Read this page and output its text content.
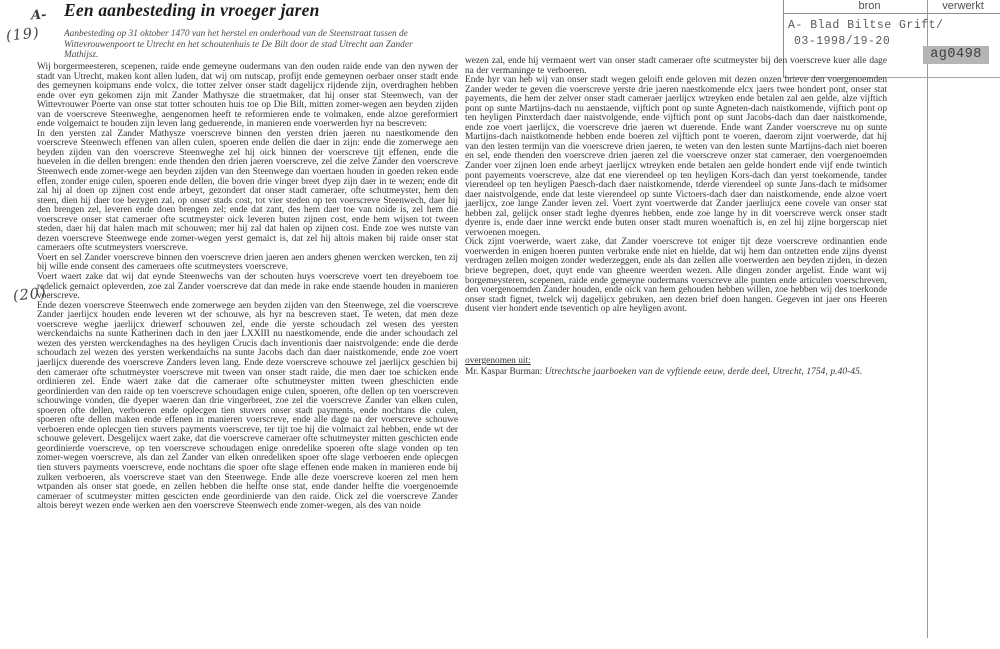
A-
(19)
(20)
Een aanbesteding in vroeger jaren
Aanbesteding op 31 oktober 1470 van het herstel en onderhoud van de Steenstraat tussen de Wittevrouwenpoort te Utrecht en het schoutenhuis te De Bilt door de stad Utrecht aan Zander Mathijsz.
bron	verwerkt
A- Blad Biltse Grift/
03-1998/19-20
ag0498

Wij borgermeesteren, scepenen, raide ende gemeyne oudermans van den ouden raide ende van den nywen der stadt van Utrecht, maken kont allen luden, dat wij om nutscap, profijt ende gemeynen oerbaer onser stadt ende des gemeynen koipmans ende volcx, die totter zelver onser stadt dagelijcx rijdende zijn, overdraghen hebben ende over eyn gekomen zijn mit Zander Mathysze die straetmaker, dat hij onser stat Steenwech, van der Wittevrouwer Poerte van onse stat totter schouten huis toe op Die Bilt, mitten zomer-wegen aen beyden zijden van de voerscreve Steenweghe, aengenomen heeft te reformieren ende te volmaken, ende alzoe gereformiert ende volgemaict te houden zijn leven lang geduerende, in manieren ende voerwerden hyr na bescreven:

In den yersten zal Zander Mathysze voerscreve binnen den yersten drien jaeren nu naestkomende den voerscreve Steenwech effenen van allen culen, spoeren ende dellen die daer in zijn: ende die zomerwege aen beyden zijden van den voerscreve Steenweghe zel hij oick binnen der voerscreve tijt effenen, ende die huevelen in die dellen brengen: ende thenden den drien jaeren voerscreve, zel die zelve Zander den voerscreve Steenwech ende zomer-wege aen beyden zijden van den Steenwege dan voertaen houden in goeden reken ende effen, zonder enige culen, spoeren ende dellen, die boven drie vinger breet dyep zijn daer in te wezen; ende dit zal hij al doen op zijnen cost ende arbeyt, gezondert dat onser stadt cameraer, ofte schutmeyster, hem den steen, dien hij daer toe bezygen zal, op onser stads cost, tot vier steden op ten voerscreve Steenwech, daer hij den brengen zel, leveren ende doen brengen zel; ende dat zant, des hem daer toe van noide is, zel hem die voerscreve onser stat cameraer ofte scutmeyster oick leveren buten zijnen cost, ende hem wijsen tot tween steden, daer hij dat halen mach mit schouwen; mer hij zal dat halen op zijnen cost. Ende zoe wes nutste van dezen voerscreve Steenwege ende zomer-wegen yerst gemaict is, dat zel hij altois maken bij raide onser stat cameraers ofte scutmeysters voerscreve.

Voert en sel Zander voerscreve binnen den voerscreve drien jaeren aen anders ghenen wercken wercken, ten zij bij wille ende consent des cameraers ofte scutmeysters voerscreve.

Voert waert zake dat wij dat eynde Steenwechs van der schouten huys voerscreve voert ten dreyeboem toe redelick gemaict opleverden, zoe zal Zander voerscreve dat dan mede in rake ende staende houden in manieren voerscreve.

Ende dezen voerscreve Steenwech ende zomerwege aen beyden zijden van den Steenwege, zel die voerscreve Zander jaerlijcx houden ende leveren wt der schouwe, als hyr na bescreven staet. Te weten, dat men deze voerscreve weghe jaerlijcx driewerf schouwen zel, ende die yerste schoudach zel wesen des yersten werckendaichs na sunte Katherinen dach in den jaer LXXIII nu naestkomende, ende die ander schoudach zel wezen des yersten werckendaghes na des heyligen Crucis dach inventionis daer naistvolgende: ende die derde schoudach zel wezen des yersten werkendaichs na sunte Jacobs dach dan daer naistkomende, ende zoe voert jaerlijcx duerende des voerscreve Zanders leven lang. Ende deze voerscreve schouwe zel jaerlijcx geschien bij den cameraer ofte schutmeyster voerscreve mit tween van onser stadt raide, die men daer toe schicken ende ordinieren zel. Ende waert zake dat die cameraer ofte schutmeyster mitten tween gheschicten ende geordinierden van den raide op ten voerscreve schoudagen enige culen, spoeren, ofte dellen op ten voerscreven schouwinge vonden, die dyeper waeren dan drie vingerbreet, zoe zel die voerscreve Zander van elken culen, spoeren ofte dellen, verboeren ende oplecgen tien stuvers onser stadt payments, ende nochtans die culen, spoeren ofte dellen maken ende effenen in manieren voerscreve, ende alle dage na der voerscreve schouwe verboeren ende oplecgen tien stuvers payments voerscreve, ter tijt toe hij die volmaict zal hebben, ende wt der schouwe gelevert. Desgelijcx waert zake, dat die voerscreve cameraer ofte schutmeyster mitten geschicten ende geordinierde voerscreve, op ten voerscreve schoudagen enige onredelike spoeren ofte slage vonden op ten zomer-wegen voerscreve, als dan zel Zander van elken onredeliken spoer ofte slage verboeren ende oplecgen tien stuvers payments voerscreve, ende nochtans die spoer ofte slage effenen ende maken in manieren ende bij zulken verboeren, als voerscreve staet van den Steenwege. Ende alle deze voerscreve koeren zel men hem wtpanden als onser stat goede, en zellen hebben die helfte onse stat, ende dander helfte die voergenoemde cameraer of scutmeyster mitten gescicten ende geordinierde van den raide. Oick zel die voerscreve Zander altois bereyt wezen ende werken aen den voerscreve Steenwech ende zomer-wegen, als des van noide

wezen zal, ende hij vermaent wert van onser stadt cameraer ofte scutmeyster bij den voerscreve kuer alle dage na der vermaninge te verboeren.

Ende hyr van heb wij van onser stadt wegen geloift ende geloven mit dezen onzen brieve den voergenoemden Zander weder te geven die voerscreve yerste drie jaeren naestkomende elcx jaers twee hondert pont, onser stat payements, die hem der zelver onser stadt cameraer jaerlijcx wtreyken ende betalen zal aen gelde, alze vijftich pont op sunte Martijns-dach nu aenstaende, vijftich pont op sunte Agneten-dach naistkomende, vijftich pont op ten heyligen Pinxterdach daer naistvolgende, ende vijftich pont op sunt Jacobs-dach dan daer naistkomende, ende zoe voert jaerlijcx, die voerscreve drie jaeren wt duerende. Ende want Zander voerscreve nu op sunte Martijns-dach naistkomende hebben ende boeren zel vijftich pont te voeren, daerom zijnt voerwerde, dat hij van den lesten termijn van die voerscreve drien jaeren, te weten van den lesten sunte Martijns-dach niet boeren en sel, ende thenden den voerscreve drien jaeren zel die voerscreve onzer stat cameraer, den voergenoemden Zander voer zijnen loen ende arbeyt jaerlijcx wtreyken ende betalen aen gelde hondert ende vijf ende twintich pont payements voerscreve, alze dat ene vierendeel op ten heyligen Kors-dach dan yerst toekomende, tander vierendeel op ten heyligen Paesch-dach daer naistkomende, tderde vierendeel op sunte Jans-dach te midsomer daer naistvolgende, ende dat leste vierendeel op sunte Victoers-dach daer dan naistkomende, ende alzoe voert jaerlijcx, zoe lange Zander leven zel. Voert zynt voertwerde dat Zander jaerliujcx eene covele van onser stat hebben zal, gelijck onser stadt leghe dyenres hebben, ende zoe lange hy in dit voerscreve werck onser stadt dyenre is, ende daer inne werckt ende buten onser stadt muren woenaftich is, en zel hij zijne borgerscap niet verwoenen moegen.

Oick zijnt voerwerde, waert zake, dat Zander voerscreve tot eniger tijt deze voerscreve ordinantien ende voerwerden in enigen hoeren punten verbrake ende niet en hielde, dat wij hem dan ontzetten ende zijns dyenst verdragen zellen moigen zonder wederzeggen, ende als dan zellen alle voerwerden aen beyden zijden, in dezen brieve begrepen, doet, quyt ende van gheenre weerden wezen. Alle dingen zonder argelist. Ende want wij borgemeysteren, scepenen, raide ende gemeyne oudermans voerscreve alle punten ende articulen voerschreven, den voergenoemden Zander houden, ende oick van hem gehouden hebben willen, zoe hebben wij des toerkonde onser stadt fignet, twelck wij dagelijcx gebruken, aen dezen brief doen hangen. Gegeven int jaer ons Heeren dusent vier hondert ende tseventich op alre heyligen avont.

overgenomen uit:
Mr. Kaspar Burman: Utrechtsche jaarboeken van de vyftiende eeuw, derde deel, Utrecht, 1754, p.40-45.
